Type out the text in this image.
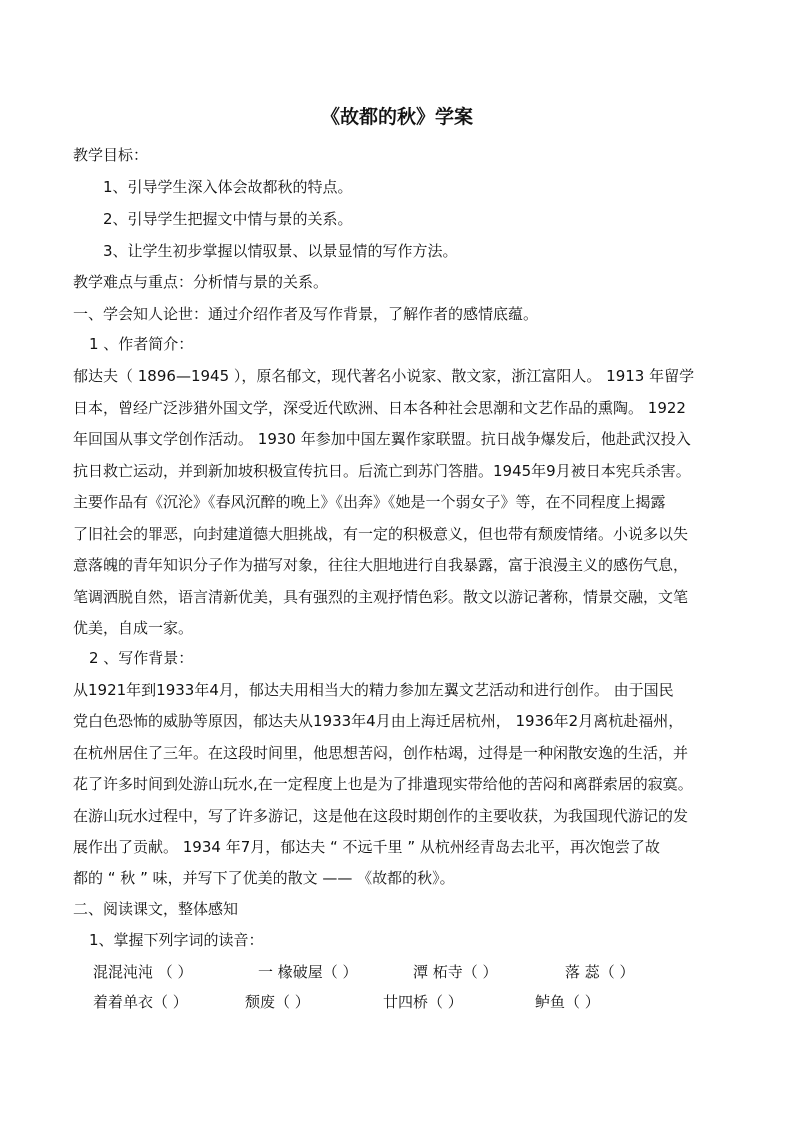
《故都的秋》学案
教学目标：
1、引导学生深入体会故都秋的特点。
2、引导学生把握文中情与景的关系。
3、让学生初步掌握以情驭景、以景显情的写作方法。
教学难点与重点：分析情与景的关系。
一、学会知人论世：通过介绍作者及写作背景，了解作者的感情底蕴。
1 、作者简介：
郁达夫（ 1896—1945 ），原名郁文，现代著名小说家、散文家，浙江富阳人。 1913 年留学
日本，曾经广泛涉猎外国文学，深受近代欧洲、日本各种社会思潮和文艺作品的熏陶。 1922
年回国从事文学创作活动。 1930 年参加中国左翼作家联盟。抗日战争爆发后，他赴武汉投入
抗日救亡运动，并到新加坡积极宣传抗日。后流亡到苏门答腊。1945年9月被日本宪兵杀害。
主要作品有《沉沦》《春风沉醉的晚上》《出奔》《她是一个弱女子》等，在不同程度上揭露
了旧社会的罪恶，向封建道德大胆挑战，有一定的积极意义，但也带有颓废情绪。小说多以失
意落魄的青年知识分子作为描写对象，往往大胆地进行自我暴露，富于浪漫主义的感伤气息，
笔调洒脱自然，语言清新优美，具有强烈的主观抒情色彩。散文以游记著称，情景交融，文笔
优美，自成一家。
2 、写作背景：
从1921年到1933年4月，郁达夫用相当大的精力参加左翼文艺活动和进行创作。 由于国民
党白色恐怖的威胁等原因，郁达夫从1933年4月由上海迁居杭州， 1936年2月离杭赴福州，
在杭州居住了三年。在这段时间里，他思想苦闷，创作枯竭，过得是一种闲散安逸的生活，并
花了许多时间到处游山玩水,在一定程度上也是为了排遣现实带给他的苦闷和离群索居的寂寞。
在游山玩水过程中，写了许多游记，这是他在这段时期创作的主要收获，为我国现代游记的发
展作出了贡献。 1934 年7月，郁达夫 “ 不远千里 ” 从杭州经青岛去北平，再次饱尝了故
都的 “ 秋 ” 味，并写下了优美的散文 —— 《故都的秋》。
二、阅读课文，整体感知
1、掌握下列字词的读音：
混混沌沌 （ ）	一 椽破屋（ ）	潭 柘寺（ ）	落 蕊（ ）
着着单衣（ ）	颓废（ ）	廿四桥（ ）	鲈鱼（ ）
